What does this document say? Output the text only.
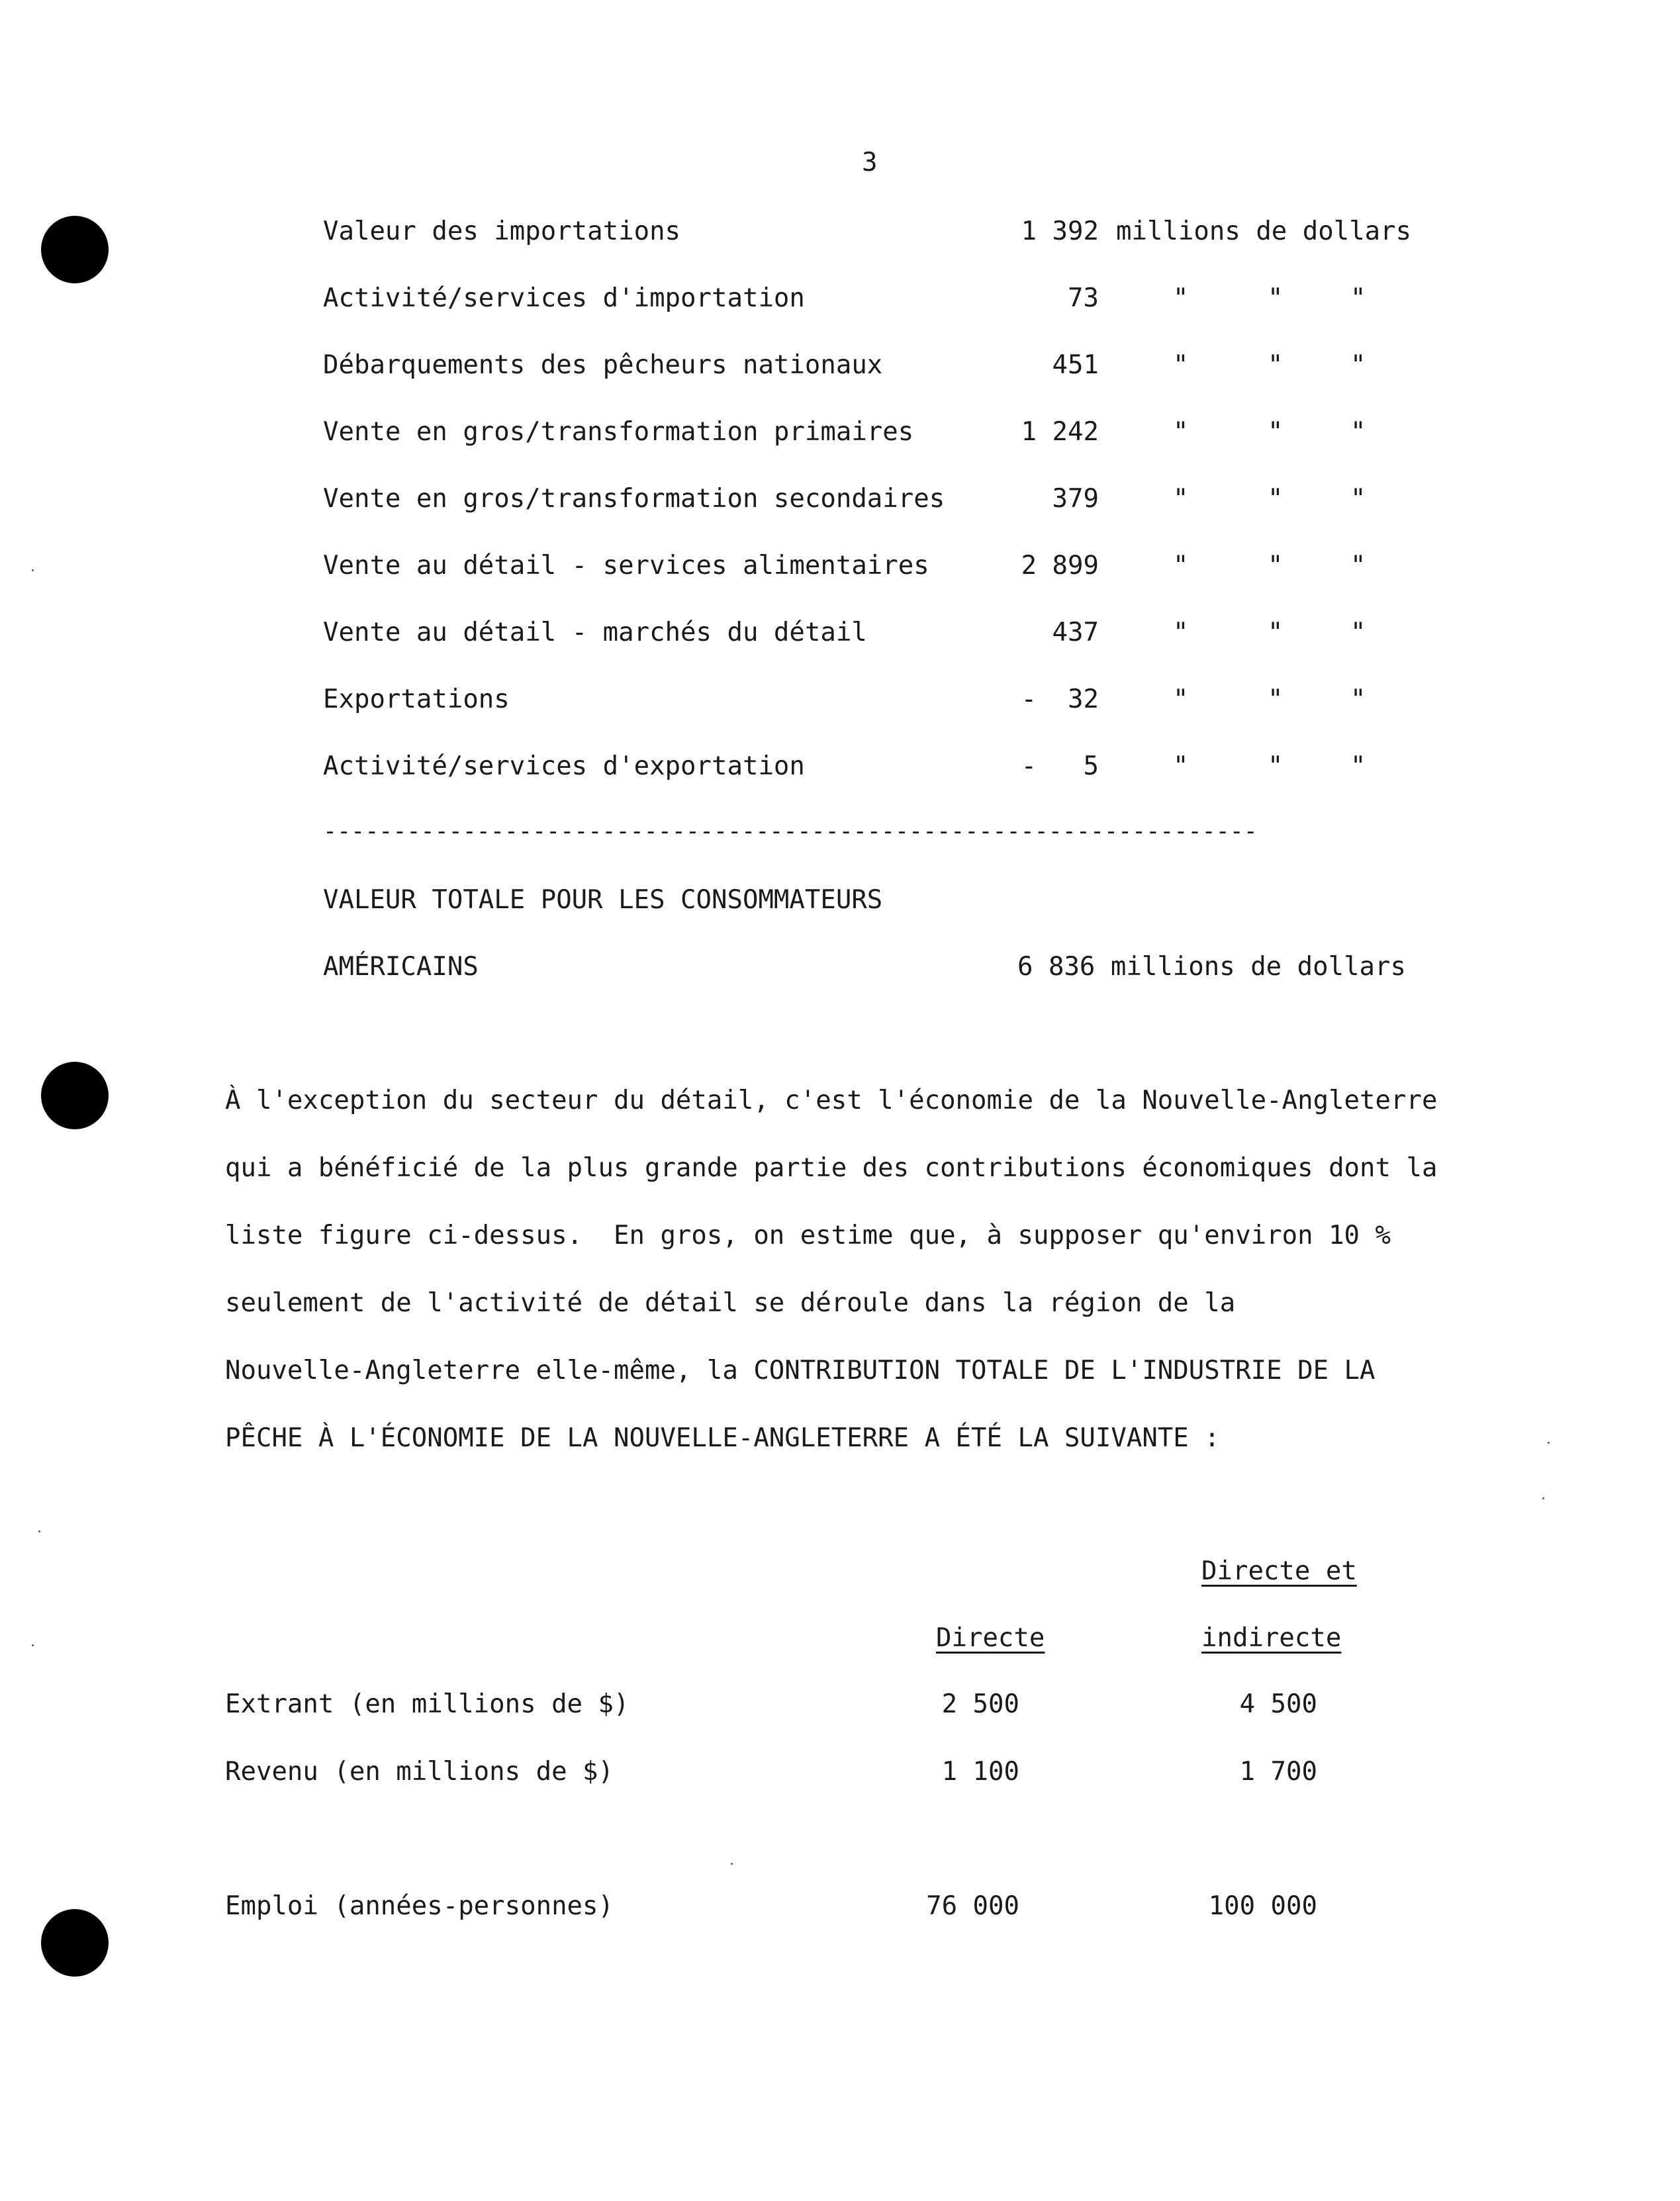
3
Valeur des importations	1 392 millions de dollars
Activité/services d'importation	73	"	"	"
Débarquements des pêcheurs nationaux	451	"	"	"
Vente en gros/transformation primaires	1 242	"	"	"
Vente en gros/transformation secondaires	379	"	"	"
Vente au détail - services alimentaires	2 899	"	"	"
Vente au détail - marchés du détail	437	"	"	"
Exportations	-  32	"	"	"
Activité/services d'exportation	-   5	"	"	"
-------------------------------------------------------------------
VALEUR TOTALE POUR LES CONSOMMATEURS
AMÉRICAINS	6 836 millions de dollars
À l'exception du secteur du détail, c'est l'économie de la Nouvelle-Angleterre
qui a bénéficié de la plus grande partie des contributions économiques dont la
liste figure ci-dessus.  En gros, on estime que, à supposer qu'environ 10 %
seulement de l'activité de détail se déroule dans la région de la
Nouvelle-Angleterre elle-même, la CONTRIBUTION TOTALE DE L'INDUSTRIE DE LA
PÊCHE À L'ÉCONOMIE DE LA NOUVELLE-ANGLETERRE A ÉTÉ LA SUIVANTE :
Directe et
Directe	indirecte
Extrant (en millions de $)	2 500	4 500
Revenu (en millions de $)	1 100	1 700
Emploi (années-personnes)	76 000	100 000
